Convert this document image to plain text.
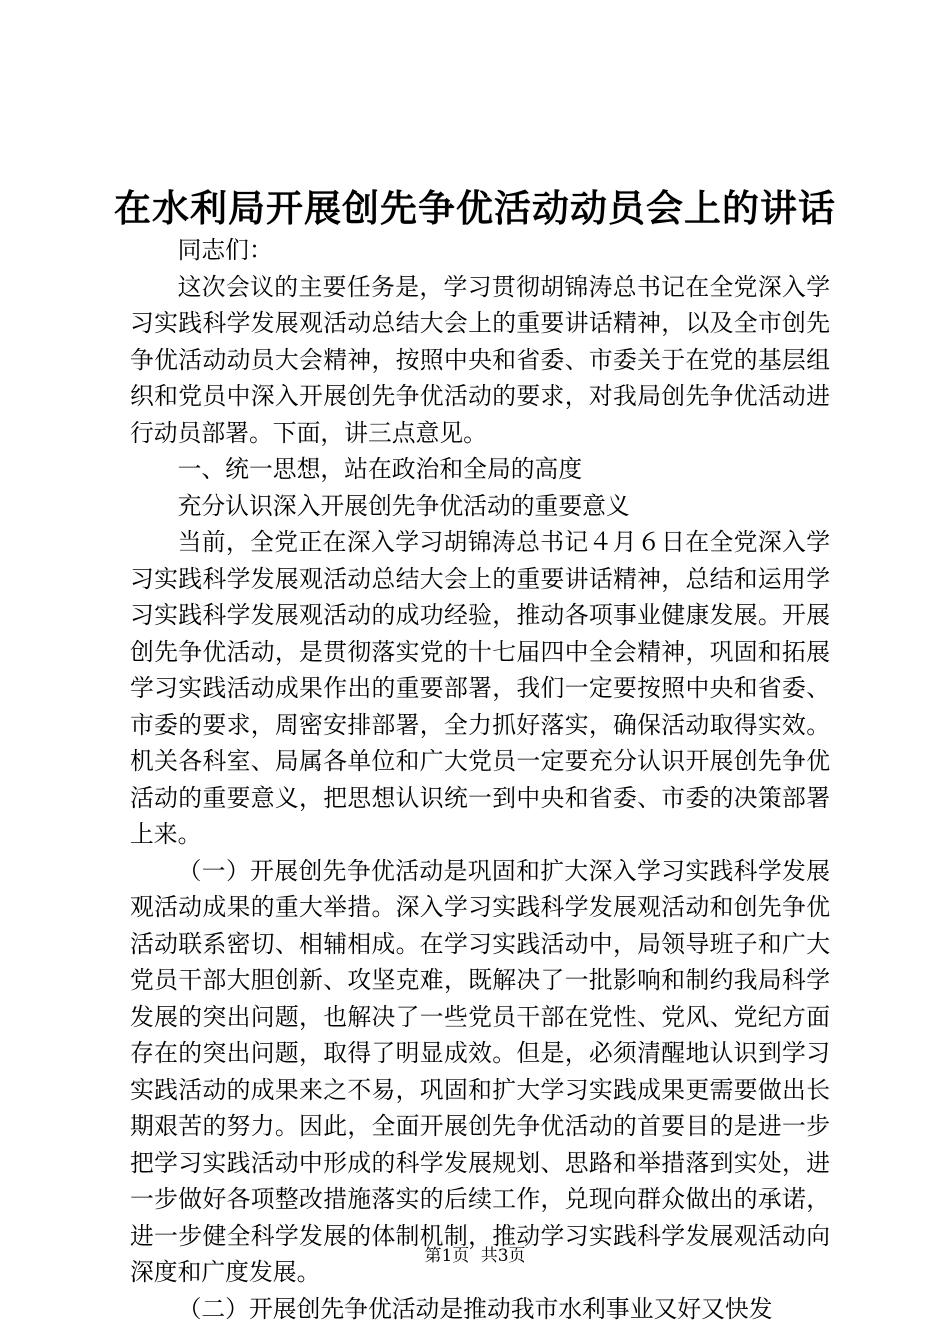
在水利局开展创先争优活动动员会上的讲话

同志们：

这次会议的主要任务是，学习贯彻胡锦涛总书记在全党深入学习实践科学发展观活动总结大会上的重要讲话精神，以及全市创先争优活动动员大会精神，按照中央和省委、市委关于在党的基层组织和党员中深入开展创先争优活动的要求，对我局创先争优活动进行动员部署。下面，讲三点意见。

一、统一思想，站在政治和全局的高度

充分认识深入开展创先争优活动的重要意义

当前，全党正在深入学习胡锦涛总书记４月６日在全党深入学习实践科学发展观活动总结大会上的重要讲话精神，总结和运用学习实践科学发展观活动的成功经验，推动各项事业健康发展。开展创先争优活动，是贯彻落实党的十七届四中全会精神，巩固和拓展学习实践活动成果作出的重要部署，我们一定要按照中央和省委、市委的要求，周密安排部署，全力抓好落实，确保活动取得实效。机关各科室、局属各单位和广大党员一定要充分认识开展创先争优活动的重要意义，把思想认识统一到中央和省委、市委的决策部署上来。

（一）开展创先争优活动是巩固和扩大深入学习实践科学发展观活动成果的重大举措。深入学习实践科学发展观活动和创先争优活动联系密切、相辅相成。在学习实践活动中，局领导班子和广大党员干部大胆创新、攻坚克难，既解决了一批影响和制约我局科学发展的突出问题，也解决了一些党员干部在党性、党风、党纪方面存在的突出问题，取得了明显成效。但是，必须清醒地认识到学习实践活动的成果来之不易，巩固和扩大学习实践成果更需要做出长期艰苦的努力。因此，全面开展创先争优活动的首要目的是进一步把学习实践活动中形成的科学发展规划、思路和举措落到实处，进一步做好各项整改措施落实的后续工作，兑现向群众做出的承诺，进一步健全科学发展的体制机制，推动学习实践科学发展观活动向深度和广度发展。

（二）开展创先争优活动是推动我市水利事业又好又快发

第1页 共3页
